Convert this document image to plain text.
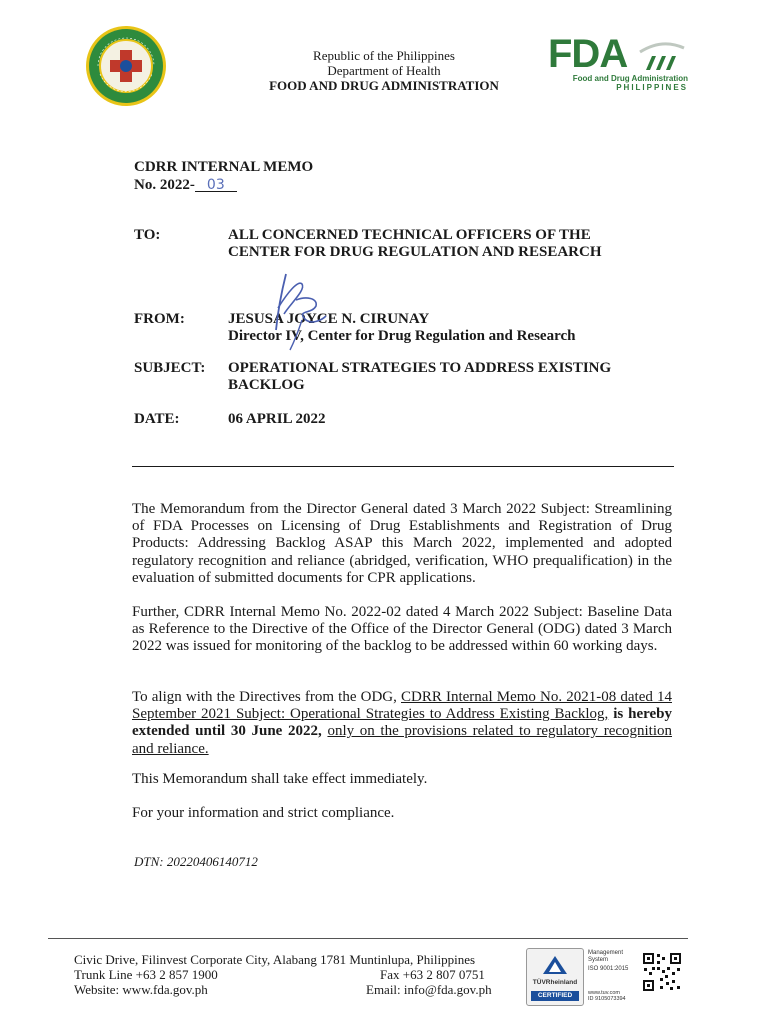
Republic of the Philippines
Department of Health
FOOD AND DRUG ADMINISTRATION
FDA
Food and Drug Administration
PHILIPPINES
CDRR INTERNAL MEMO
No. 2022- 03
TO:	ALL CONCERNED TECHNICAL OFFICERS OF THE CENTER FOR DRUG REGULATION AND RESEARCH
FROM:	JESUSA JOYCE N. CIRUNAY
Director IV, Center for Drug Regulation and Research
SUBJECT: OPERATIONAL STRATEGIES TO ADDRESS EXISTING BACKLOG
DATE:	06 APRIL 2022
The Memorandum from the Director General dated 3 March 2022 Subject: Streamlining of FDA Processes on Licensing of Drug Establishments and Registration of Drug Products: Addressing Backlog ASAP this March 2022, implemented and adopted regulatory recognition and reliance (abridged, verification, WHO prequalification) in the evaluation of submitted documents for CPR applications.
Further, CDRR Internal Memo No. 2022-02 dated 4 March 2022 Subject: Baseline Data as Reference to the Directive of the Office of the Director General (ODG) dated 3 March 2022 was issued for monitoring of the backlog to be addressed within 60 working days.
To align with the Directives from the ODG, CDRR Internal Memo No. 2021-08 dated 14 September 2021 Subject: Operational Strategies to Address Existing Backlog, is hereby extended until 30 June 2022, only on the provisions related to regulatory recognition and reliance.
This Memorandum shall take effect immediately.
For your information and strict compliance.
DTN: 20220406140712
Civic Drive, Filinvest Corporate City, Alabang 1781 Muntinlupa, Philippines
Trunk Line +63 2 857 1900	Fax +63 2 807 0751
Website: www.fda.gov.ph	Email: info@fda.gov.ph	TÜVRheinland
CERTIFIED
Management System
ISO 9001:2015
www.tuv.com
ID 9105073394
